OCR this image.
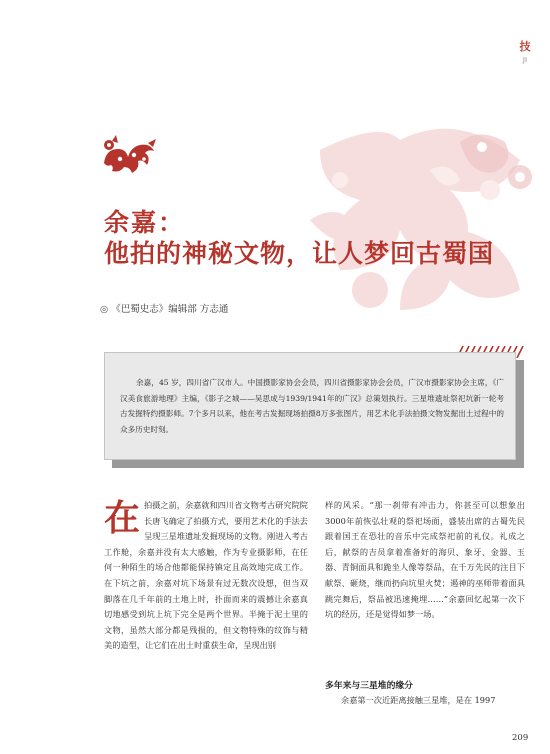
技
JI
余嘉：
他拍的神秘文物，让人梦回古蜀国
◎ 《巴蜀史志》编辑部 方志通
余嘉，45 岁，四川省广汉市人。中国摄影家协会会员，四川省摄影家协会会员，广汉市摄影家协会主席，《广汉美食旅游地理》主编，《影子之城——吴思成与1939/1941年的广汉》总策划执行。三星堆遗址祭祀坑新一轮考古发掘特约摄影师。7个多月以来，他在考古发掘现场拍摄8万多张图片，用艺术化手法拍摄文物发掘出土过程中的众多历史时刻。
在拍摄之前，余嘉就和四川省文物考古研究院院长唐飞确定了拍摄方式，要用艺术化的手法去呈现三星堆遗址发掘现场的文物。刚进入考古工作舱，余嘉并没有太大感触，作为专业摄影师，在任何一种陌生的场合他都能保持镇定且高效地完成工作。在下坑之前，余嘉对坑下场景有过无数次设想，但当双脚落在几千年前的土地上时，扑面而来的震撼让余嘉真切地感受到坑上坑下完全是两个世界。半掩于泥土里的文物，虽然大部分都是残损的，但文物特殊的纹饰与精美的造型，让它们在出土时重获生命，呈现出别
样的风采。“那一刹带有冲击力，你甚至可以想象出3000年前恢弘壮观的祭祀场面，盛装出席的古蜀先民跟着国王在恐壮的音乐中完成祭祀前的礼仪。礼成之后，献祭的吉员拿着准备好的海贝、象牙、金器、玉器、青铜面具和跪坐人像等祭品，在千万先民的注目下献祭、砸烧，继而扔向坑里火焚；遏神的巫师带着面具跳完舞后，祭品被迅速掩埋……”余嘉回忆起第一次下坑的经历，还是觉得如梦一场。
多年来与三星堆的缘分
余嘉第一次近距离接触三星堆，是在 1997
209
